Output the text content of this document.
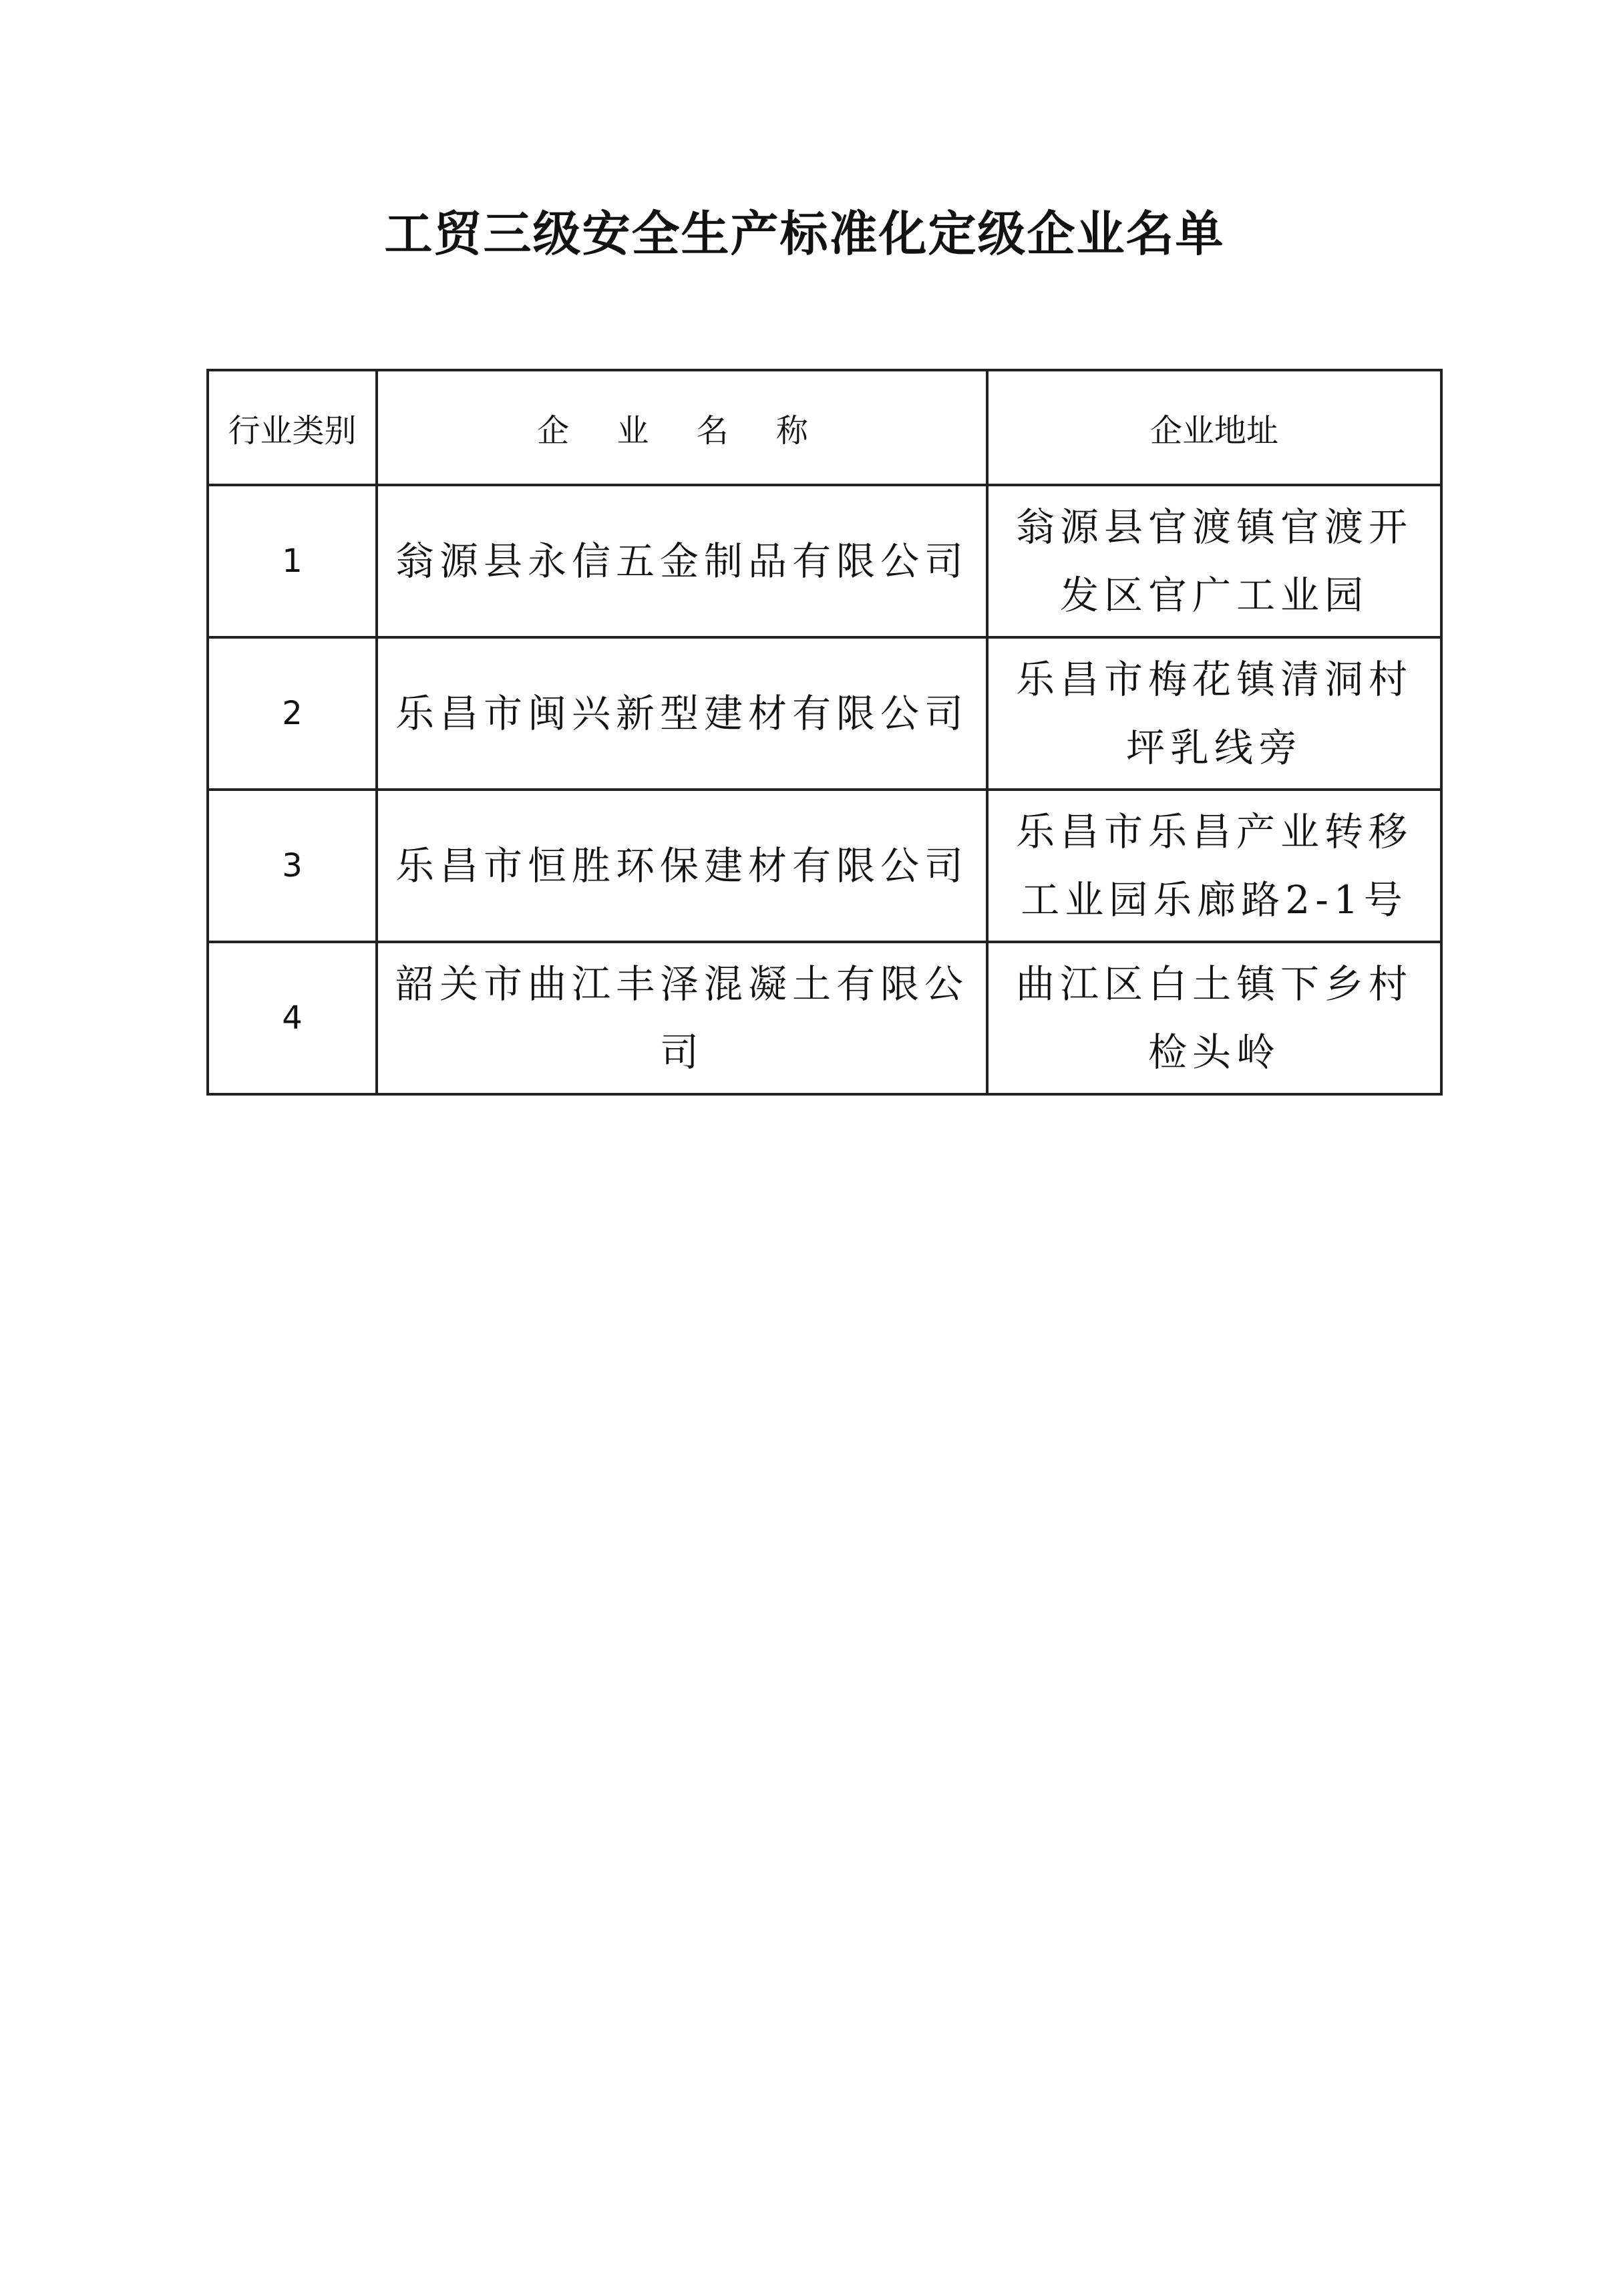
工贸三级安全生产标准化定级企业名单
行业类别	企 业 名 称	企业地址
1	翁源县永信五金制品有限公司	翁源县官渡镇官渡开发区官广工业园
2	乐昌市闽兴新型建材有限公司	乐昌市梅花镇清洞村坪乳线旁
3	乐昌市恒胜环保建材有限公司	乐昌市乐昌产业转移工业园乐廊路2-1号
4	韶关市曲江丰泽混凝土有限公司	曲江区白土镇下乡村检头岭
